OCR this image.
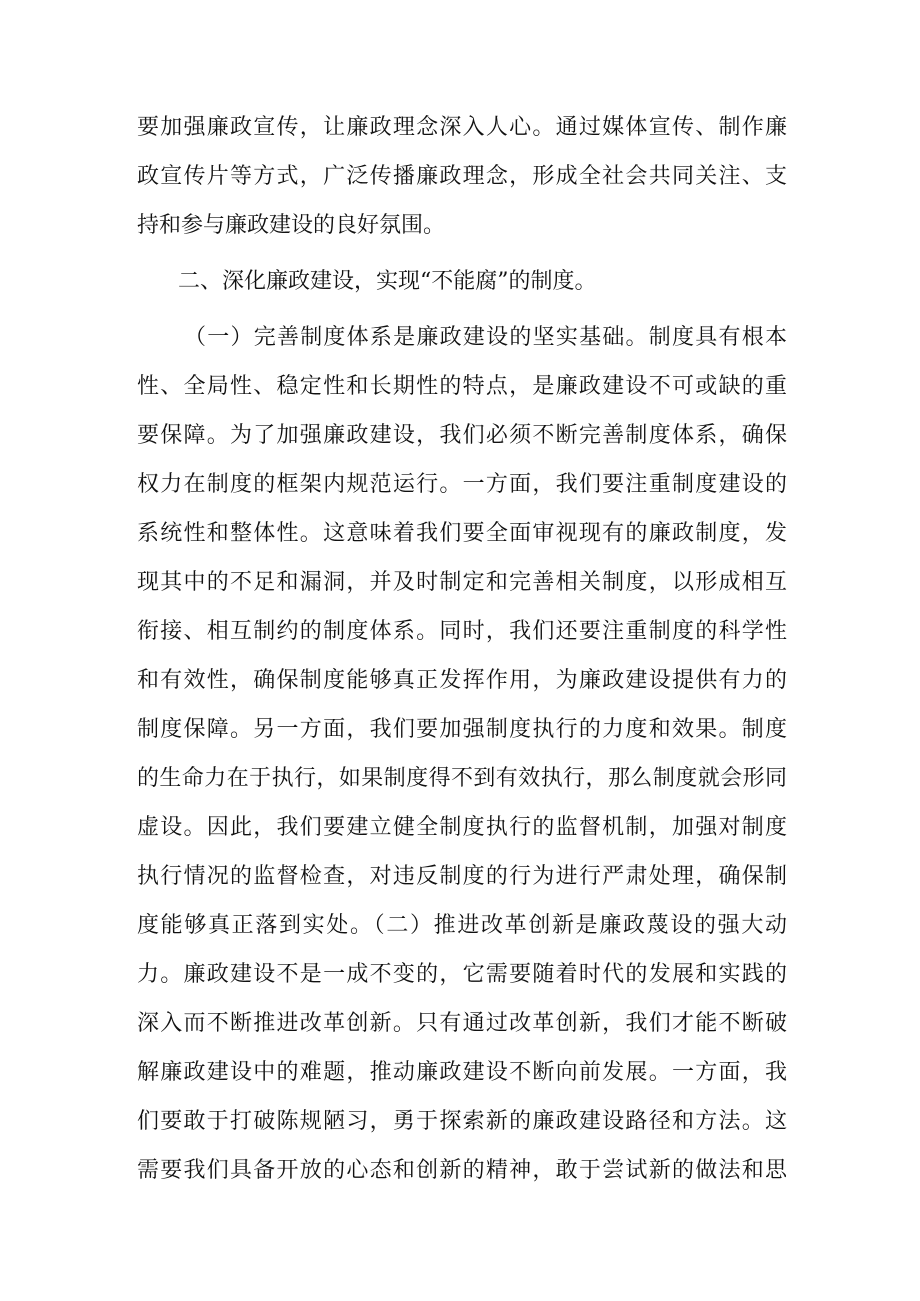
要加强廉政宣传，让廉政理念深入人心。通过媒体宣传、制作廉
政宣传片等方式，广泛传播廉政理念，形成全社会共同关注、支
持和参与廉政建设的良好氛围。
二、深化廉政建设，实现“不能腐”的制度。
（一）完善制度体系是廉政建设的坚实基础。制度具有根本
性、全局性、稳定性和长期性的特点，是廉政建设不可或缺的重
要保障。为了加强廉政建设，我们必须不断完善制度体系，确保
权力在制度的框架内规范运行。一方面，我们要注重制度建设的
系统性和整体性。这意味着我们要全面审视现有的廉政制度，发
现其中的不足和漏洞，并及时制定和完善相关制度，以形成相互
衔接、相互制约的制度体系。同时，我们还要注重制度的科学性
和有效性，确保制度能够真正发挥作用，为廉政建设提供有力的
制度保障。另一方面，我们要加强制度执行的力度和效果。制度
的生命力在于执行，如果制度得不到有效执行，那么制度就会形同
虚设。因此，我们要建立健全制度执行的监督机制，加强对制度
执行情况的监督检查，对违反制度的行为进行严肃处理，确保制
度能够真正落到实处。（二）推进改革创新是廉政蔑设的强大动
力。廉政建设不是一成不变的，它需要随着时代的发展和实践的
深入而不断推进改革创新。只有通过改革创新，我们才能不断破
解廉政建设中的难题，推动廉政建设不断向前发展。一方面，我
们要敢于打破陈规陋习，勇于探索新的廉政建设路径和方法。这
需要我们具备开放的心态和创新的精神，敢于尝试新的做法和思
